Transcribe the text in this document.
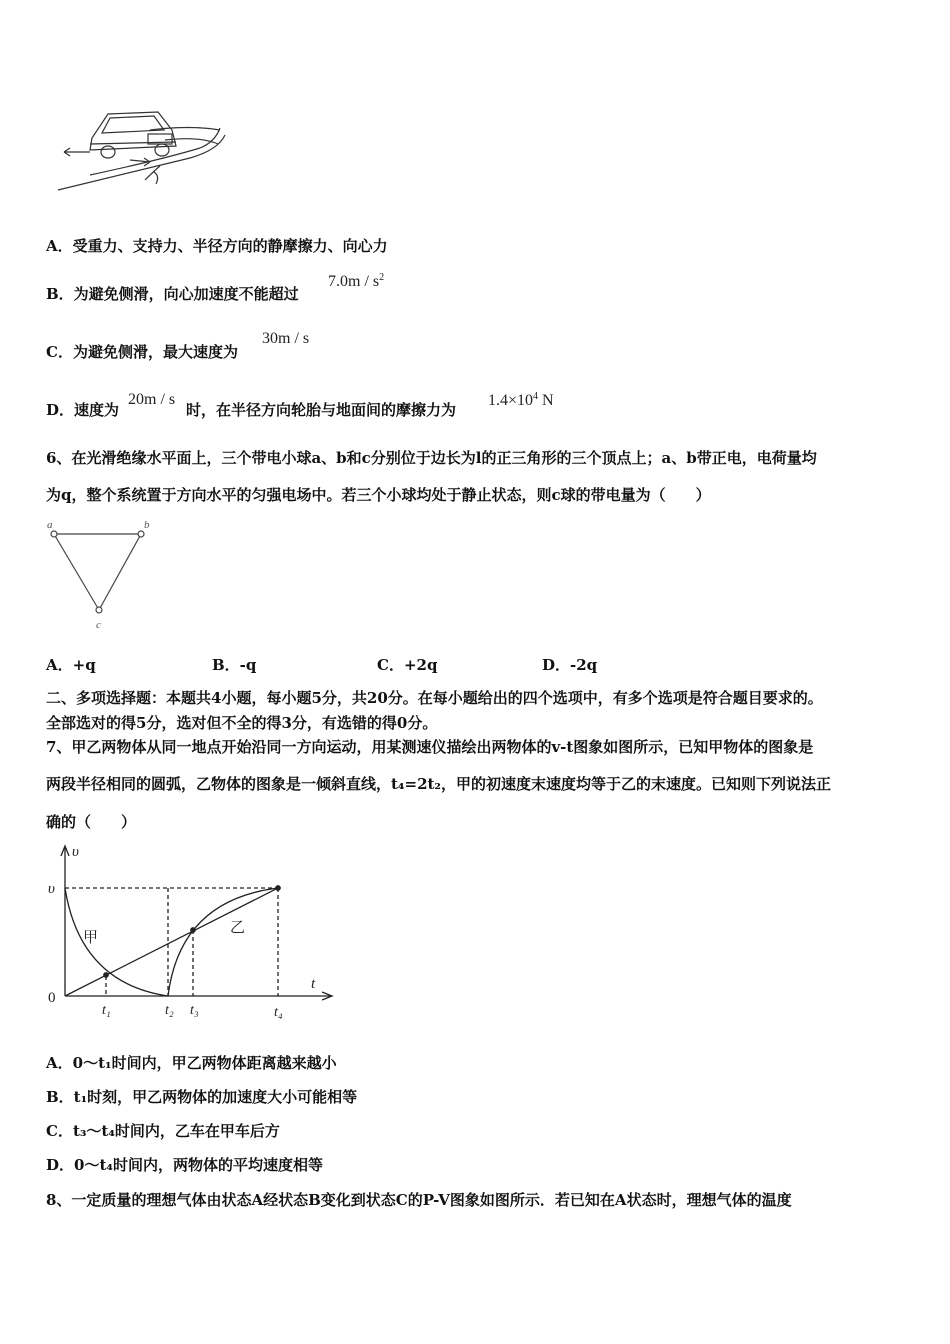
A．受重力、支持力、半径方向的静摩擦力、向心力
B．为避免侧滑，向心加速度不能超过
$7.0m / s^2$
C．为避免侧滑，最大速度为
30m / s
D．速度为
20m / s
时，在半径方向轮胎与地面间的摩擦力为
$1.4\times 10^4$ N
6、在光滑绝缘水平面上，三个带电小球a、b和c分别位于边长为l的正三角形的三个顶点上；a、b带正电，电荷量均
为q，整个系统置于方向水平的匀强电场中。若三个小球均处于静止状态，则c球的带电量为（　　）
a	b
c
A．+q	B．-q	C．+2q	D．-2q
二、多项选择题：本题共4小题，每小题5分，共20分。在每小题给出的四个选项中，有多个选项是符合题目要求的。
全部选对的得5分，选对但不全的得3分，有选错的得0分。
7、甲乙两物体从同一地点开始沿同一方向运动，用某测速仪描绘出两物体的v-t图象如图所示，已知甲物体的图象是
两段半径相同的圆弧，乙物体的图象是一倾斜直线，t₄=2t₂，甲的初速度末速度均等于乙的末速度。已知则下列说法正
确的（　　）
υ
t
υ
0
甲
乙
t₁	t₂ t₃	t₄
A．0～t₁时间内，甲乙两物体距离越来越小
B．t₁时刻，甲乙两物体的加速度大小可能相等
C．t₃～t₄时间内，乙车在甲车后方
D．0～t₄时间内，两物体的平均速度相等
8、一定质量的理想气体由状态A经状态B变化到状态C的P-V图象如图所示．若已知在A状态时，理想气体的温度
